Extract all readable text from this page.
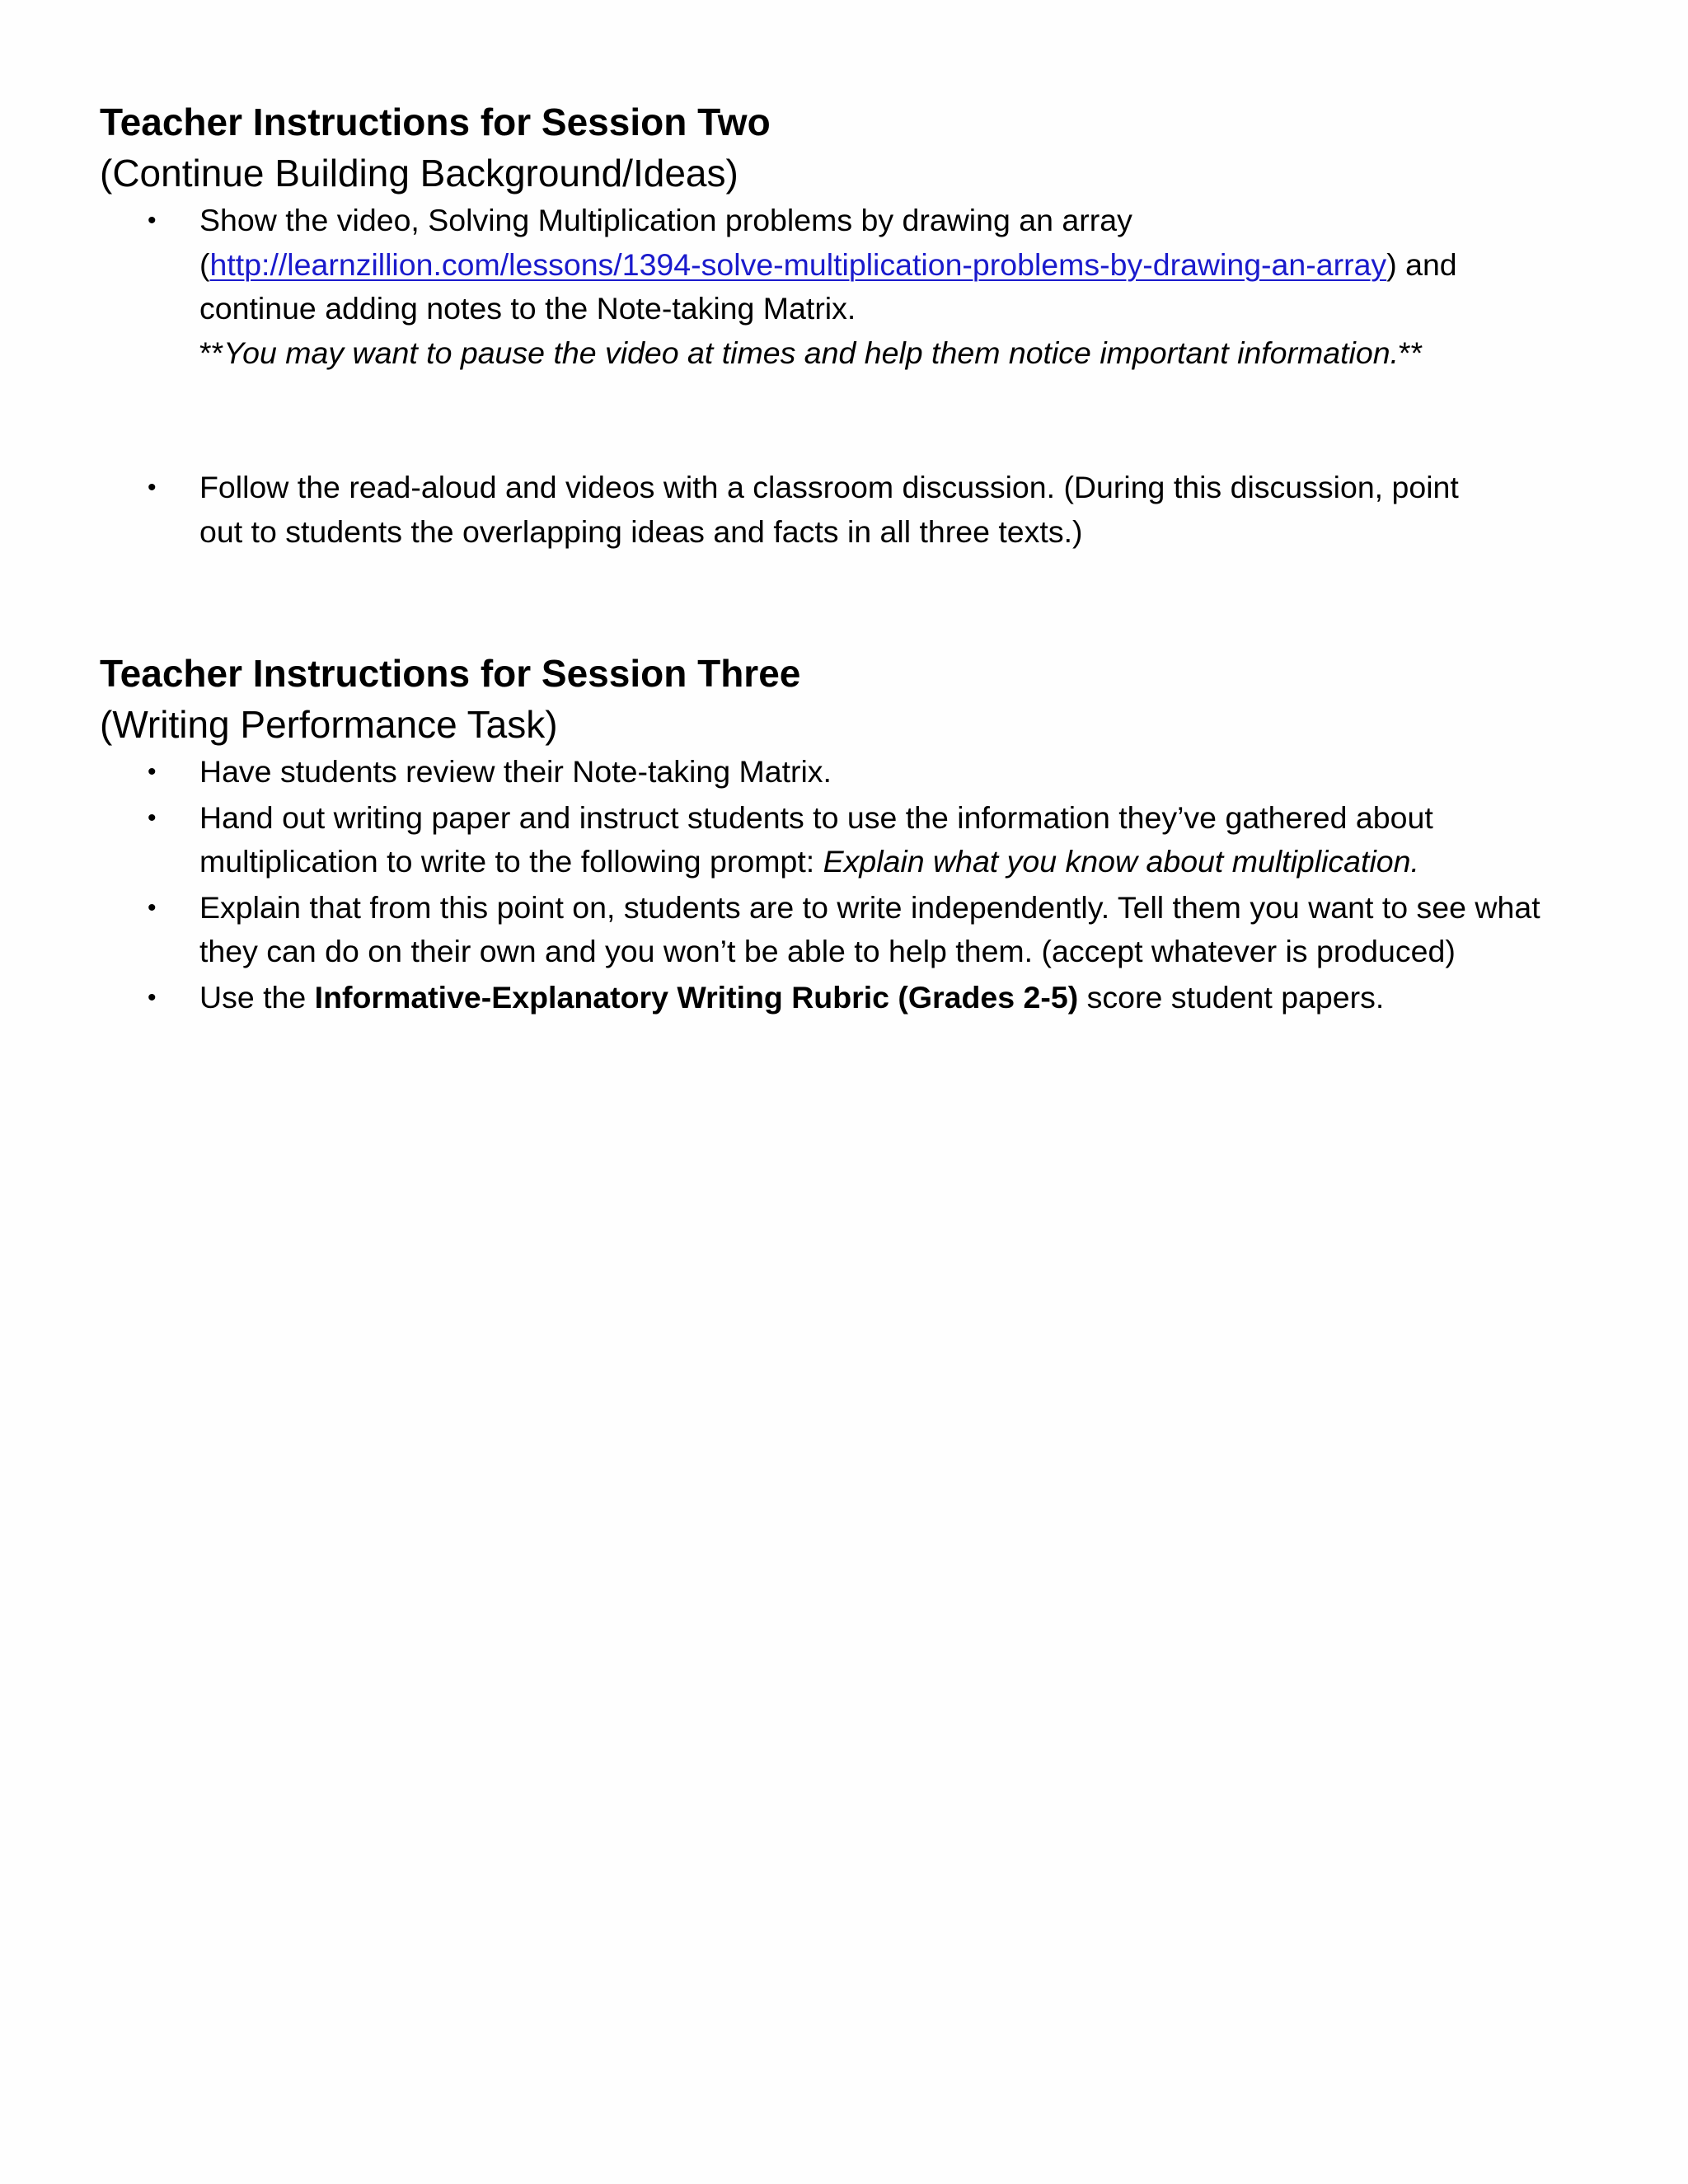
Teacher Instructions for Session Two
(Continue Building Background/Ideas)
• Show the video, Solving Multiplication problems by drawing an array
(http://learnzillion.com/lessons/1394-solve-multiplication-problems-by-drawing-an-array) and
continue adding notes to the Note-taking Matrix.
**You may want to pause the video at times and help them notice important information.**
• Follow the read-aloud and videos with a classroom discussion. (During this discussion, point out to students the overlapping ideas and facts in all three texts.)
Teacher Instructions for Session Three
(Writing Performance Task)
• Have students review their Note-taking Matrix.
• Hand out writing paper and instruct students to use the information they’ve gathered about multiplication to write to the following prompt: Explain what you know about multiplication.
• Explain that from this point on, students are to write independently. Tell them you want to see what they can do on their own and you won’t be able to help them. (accept whatever is produced)
• Use the Informative-Explanatory Writing Rubric (Grades 2-5) score student papers.
